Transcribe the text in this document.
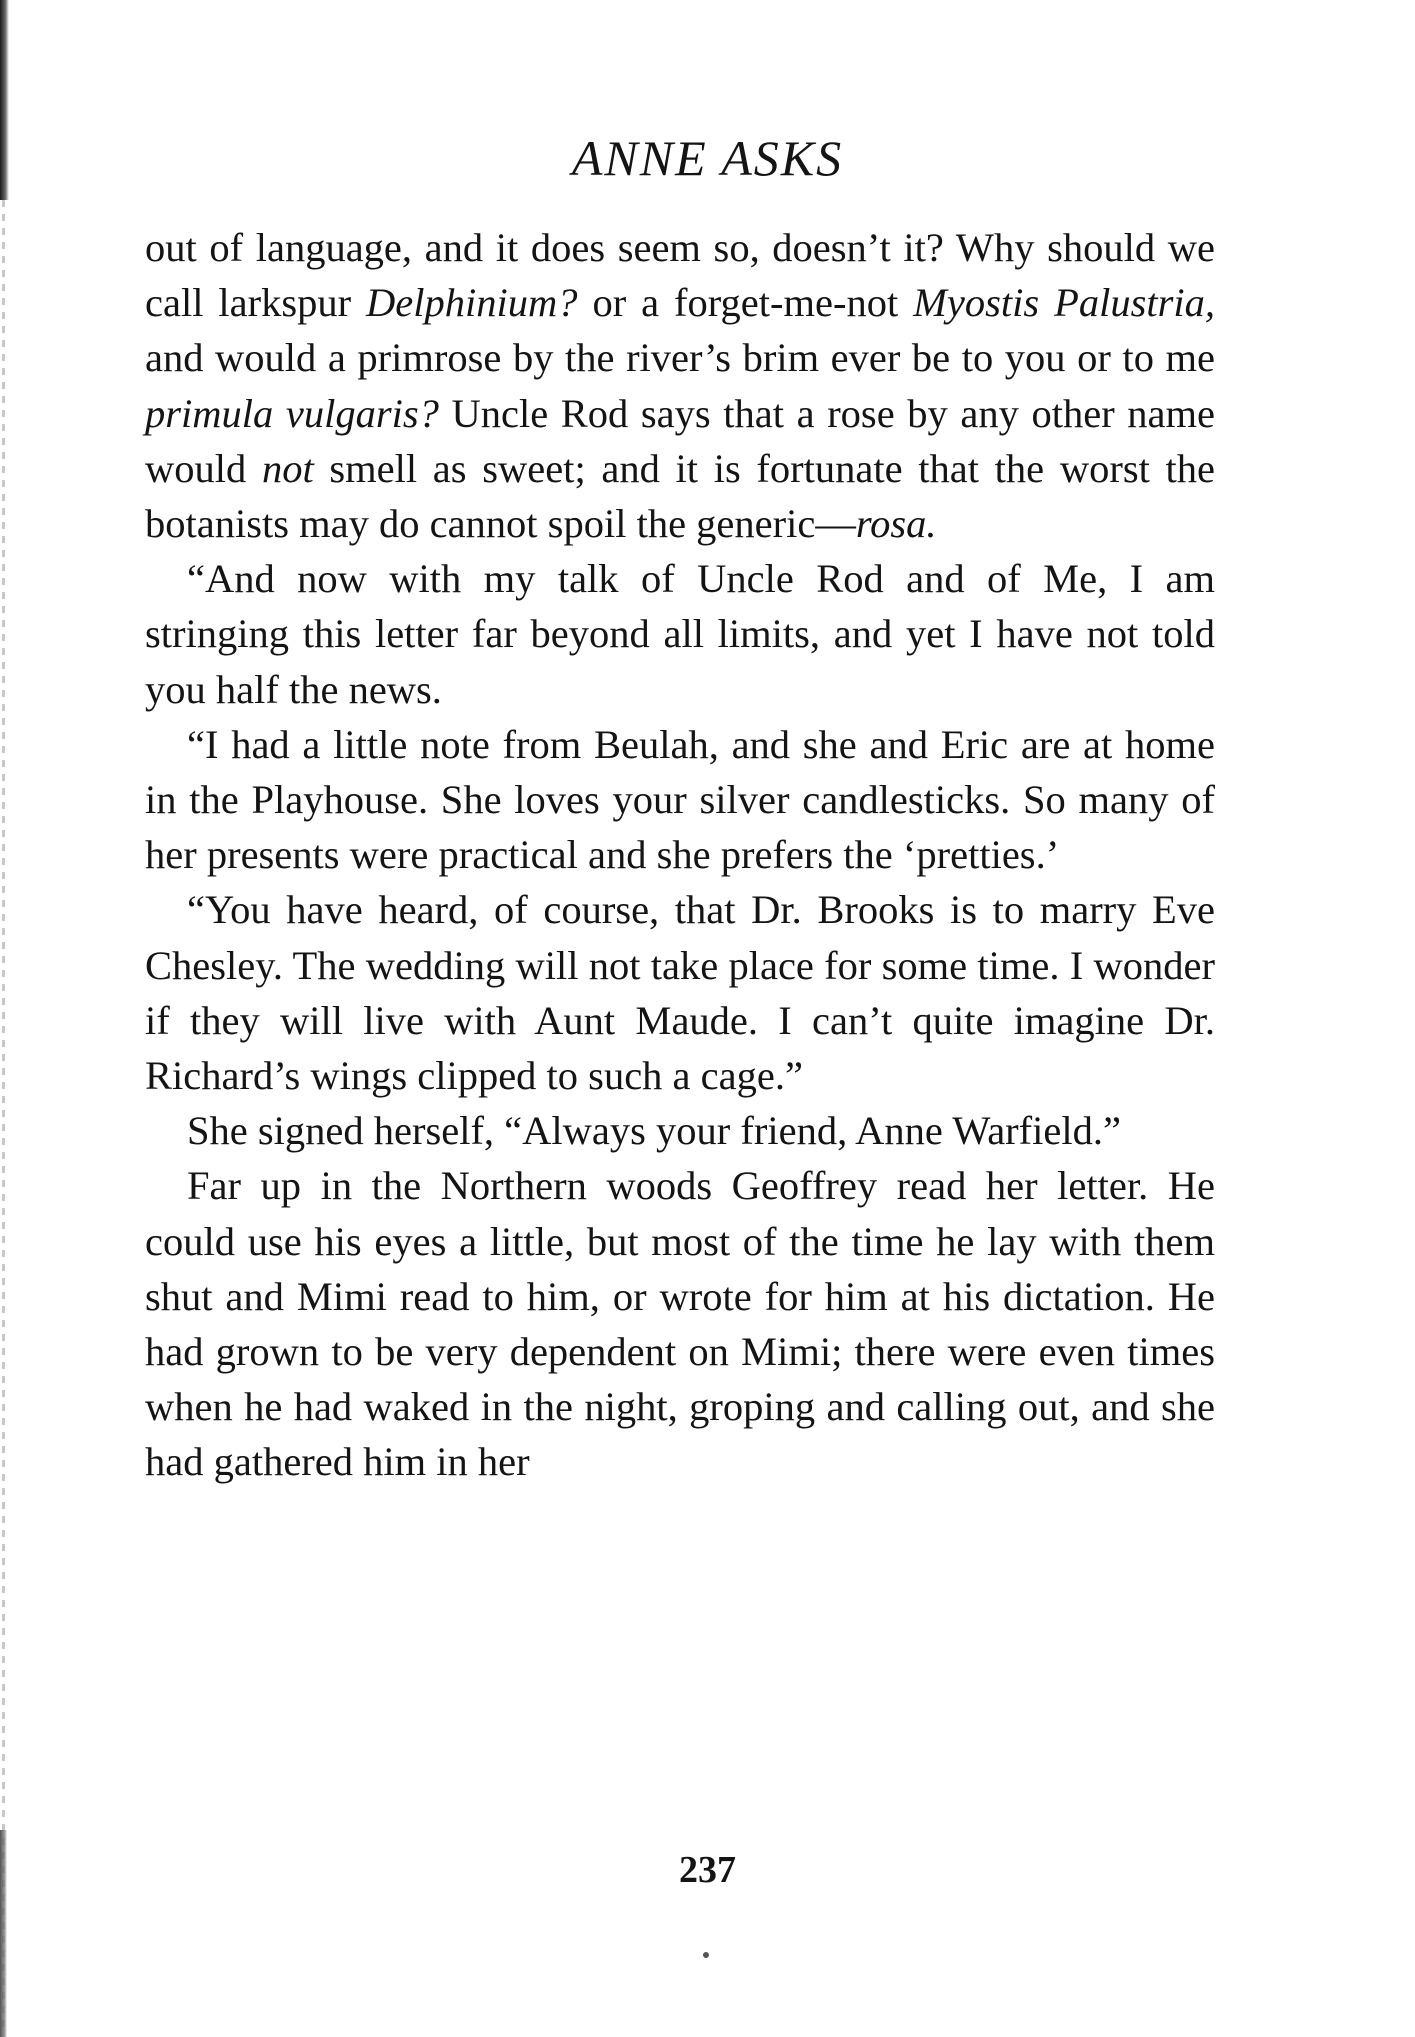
ANNE ASKS

out of language, and it does seem so, doesn’t it? Why should we call larkspur Delphinium? or a forget-me-not Myostis Palustria, and would a primrose by the river’s brim ever be to you or to me primula vulgaris? Uncle Rod says that a rose by any other name would not smell as sweet; and it is fortunate that the worst the botanists may do cannot spoil the generic—rosa.

“And now with my talk of Uncle Rod and of Me, I am stringing this letter far beyond all limits, and yet I have not told you half the news.

“I had a little note from Beulah, and she and Eric are at home in the Playhouse. She loves your silver candlesticks. So many of her presents were practical and she prefers the ‘pretties.’

“You have heard, of course, that Dr. Brooks is to marry Eve Chesley. The wedding will not take place for some time. I wonder if they will live with Aunt Maude. I can’t quite imagine Dr. Richard’s wings clipped to such a cage.”

She signed herself, “Always your friend, Anne Warfield.”

Far up in the Northern woods Geoffrey read her letter. He could use his eyes a little, but most of the time he lay with them shut and Mimi read to him, or wrote for him at his dictation. He had grown to be very dependent on Mimi; there were even times when he had waked in the night, groping and calling out, and she had gathered him in her

237
